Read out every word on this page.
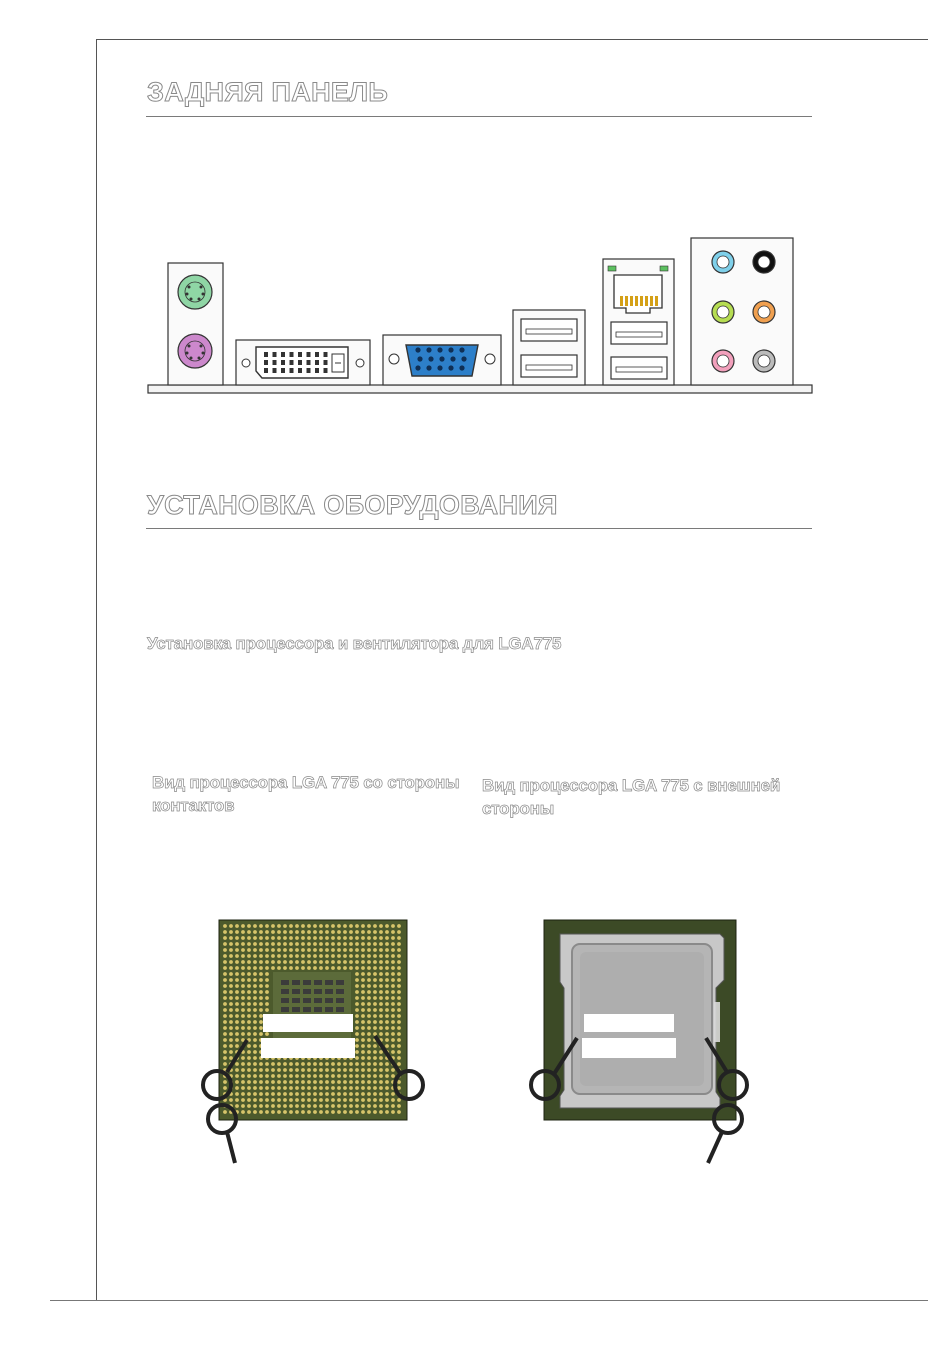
ЗАДНЯЯ ПАНЕЛЬ
УСТАНОВКА ОБОРУДОВАНИЯ
Установка процессора и вентилятора для LGA775
Вид процессора LGA 775 со стороны контактов
Вид процессора LGA 775 с внешней стороны
